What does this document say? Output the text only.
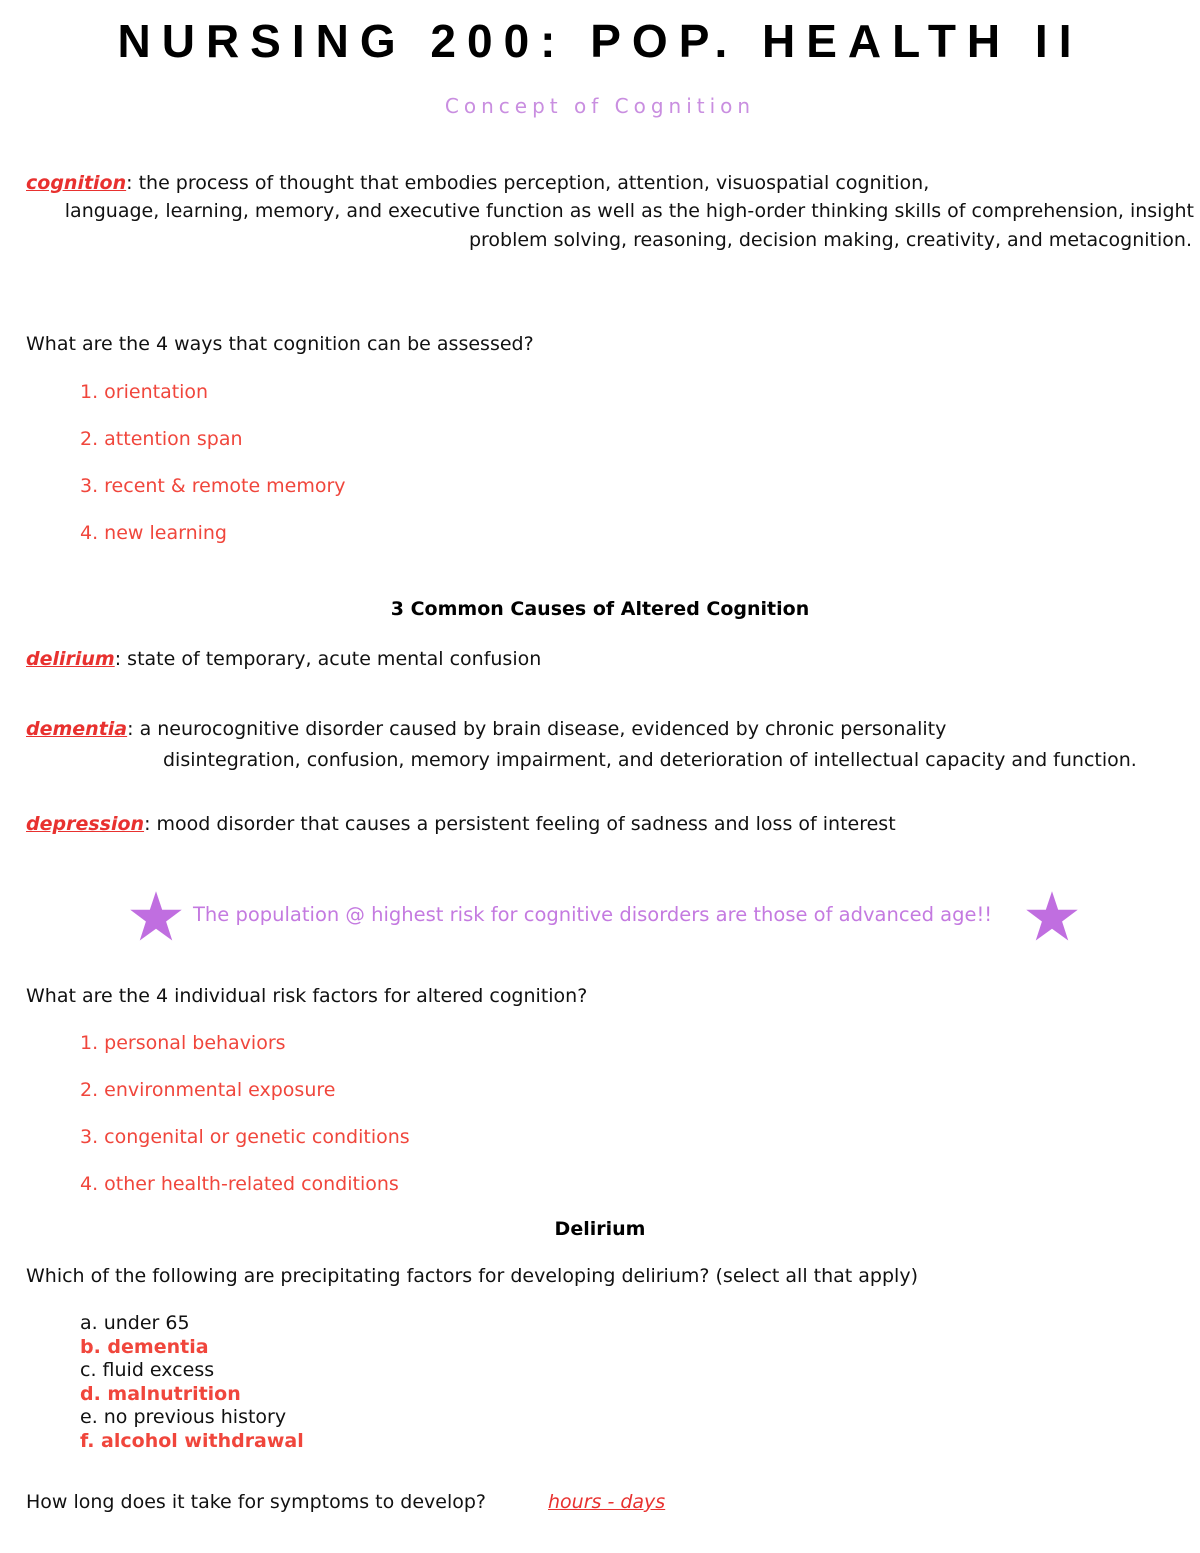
NURSING 200: POP. HEALTH II
Concept of Cognition
cognition: the process of thought that embodies perception, attention, visuospatial cognition,
language, learning, memory, and executive function as well as the high-order thinking skills of comprehension, insight
problem solving, reasoning, decision making, creativity, and metacognition.
What are the 4 ways that cognition can be assessed?
1. orientation
2. attention span
3. recent & remote memory
4. new learning
3 Common Causes of Altered Cognition
delirium: state of temporary, acute mental confusion
dementia: a neurocognitive disorder caused by brain disease, evidenced by chronic personality
disintegration, confusion, memory impairment, and deterioration of intellectual capacity and function.
depression: mood disorder that causes a persistent feeling of sadness and loss of interest
The population @ highest risk for cognitive disorders are those of advanced age!!
What are the 4 individual risk factors for altered cognition?
1. personal behaviors
2. environmental exposure
3. congenital or genetic conditions
4. other health-related conditions
Delirium
Which of the following are precipitating factors for developing delirium? (select all that apply)
a. under 65
b. dementia
c. fluid excess
d. malnutrition
e. no previous history
f. alcohol withdrawal
How long does it take for symptoms to develop?	hours - days
